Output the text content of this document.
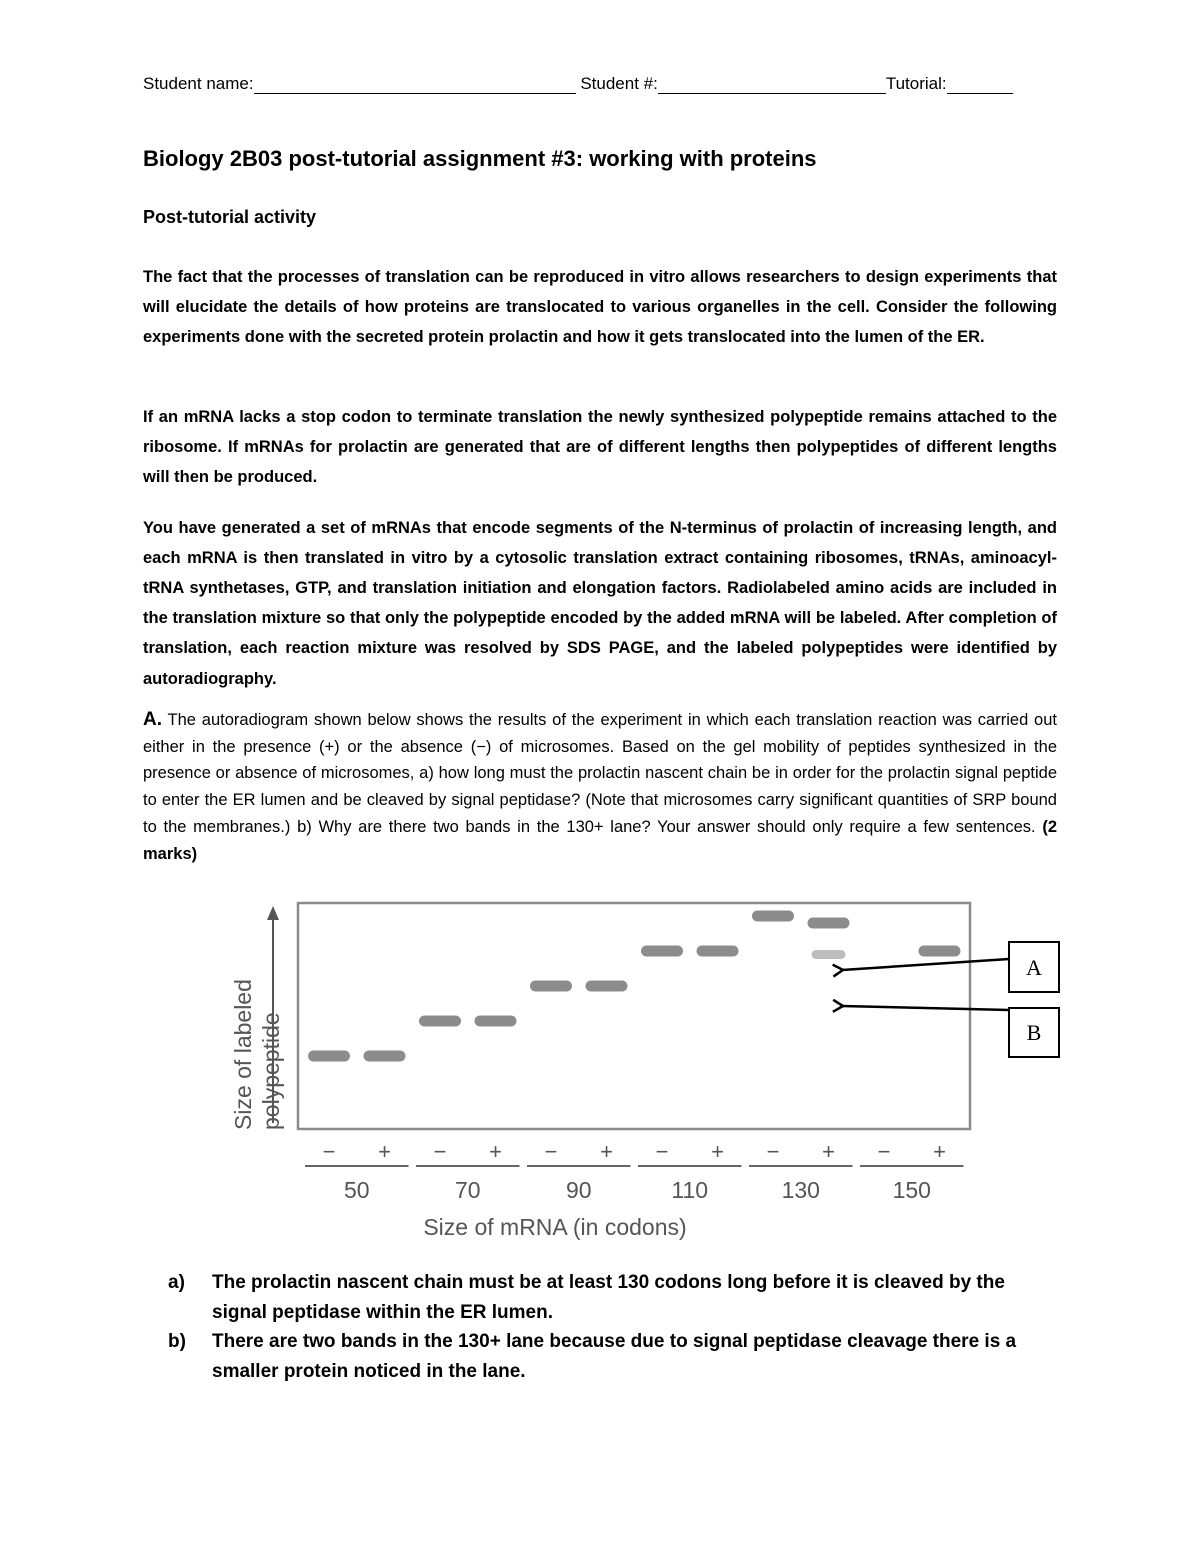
Student name:	Student #:	Tutorial:
Biology 2B03 post-tutorial assignment #3: working with proteins
Post-tutorial activity

The fact that the processes of translation can be reproduced in vitro allows researchers to design experiments that will elucidate the details of how proteins are translocated to various organelles in the cell. Consider the following experiments done with the secreted protein prolactin and how it gets translocated into the lumen of the ER.

If an mRNA lacks a stop codon to terminate translation the newly synthesized polypeptide remains attached to the ribosome. If mRNAs for prolactin are generated that are of different lengths then polypeptides of different lengths will then be produced.

You have generated a set of mRNAs that encode segments of the N-terminus of prolactin of increasing length, and each mRNA is then translated in vitro by a cytosolic translation extract containing ribosomes, tRNAs, aminoacyl-tRNA synthetases, GTP, and translation initiation and elongation factors. Radiolabeled amino acids are included in the translation mixture so that only the polypeptide encoded by the added mRNA will be labeled. After completion of translation, each reaction mixture was resolved by SDS PAGE, and the labeled polypeptides were identified by autoradiography.

A. The autoradiogram shown below shows the results of the experiment in which each translation reaction was carried out either in the presence (+) or the absence (−) of microsomes. Based on the gel mobility of peptides synthesized in the presence or absence of microsomes, a) how long must the prolactin nascent chain be in order for the prolactin signal peptide to enter the ER lumen and be cleaved by signal peptidase? (Note that microsomes carry significant quantities of SRP bound to the membranes.) b) Why are there two bands in the 130+ lane? Your answer should only require a few sentences. (2 marks)
Size of labeled polypeptide
− + − + − + − + − + − +
50	70	90	110	130	150
Size of mRNA (in codons)
A
B
a) The prolactin nascent chain must be at least 130 codons long before it is cleaved by the signal peptidase within the ER lumen.
b) There are two bands in the 130+ lane because due to signal peptidase cleavage there is a smaller protein noticed in the lane.
